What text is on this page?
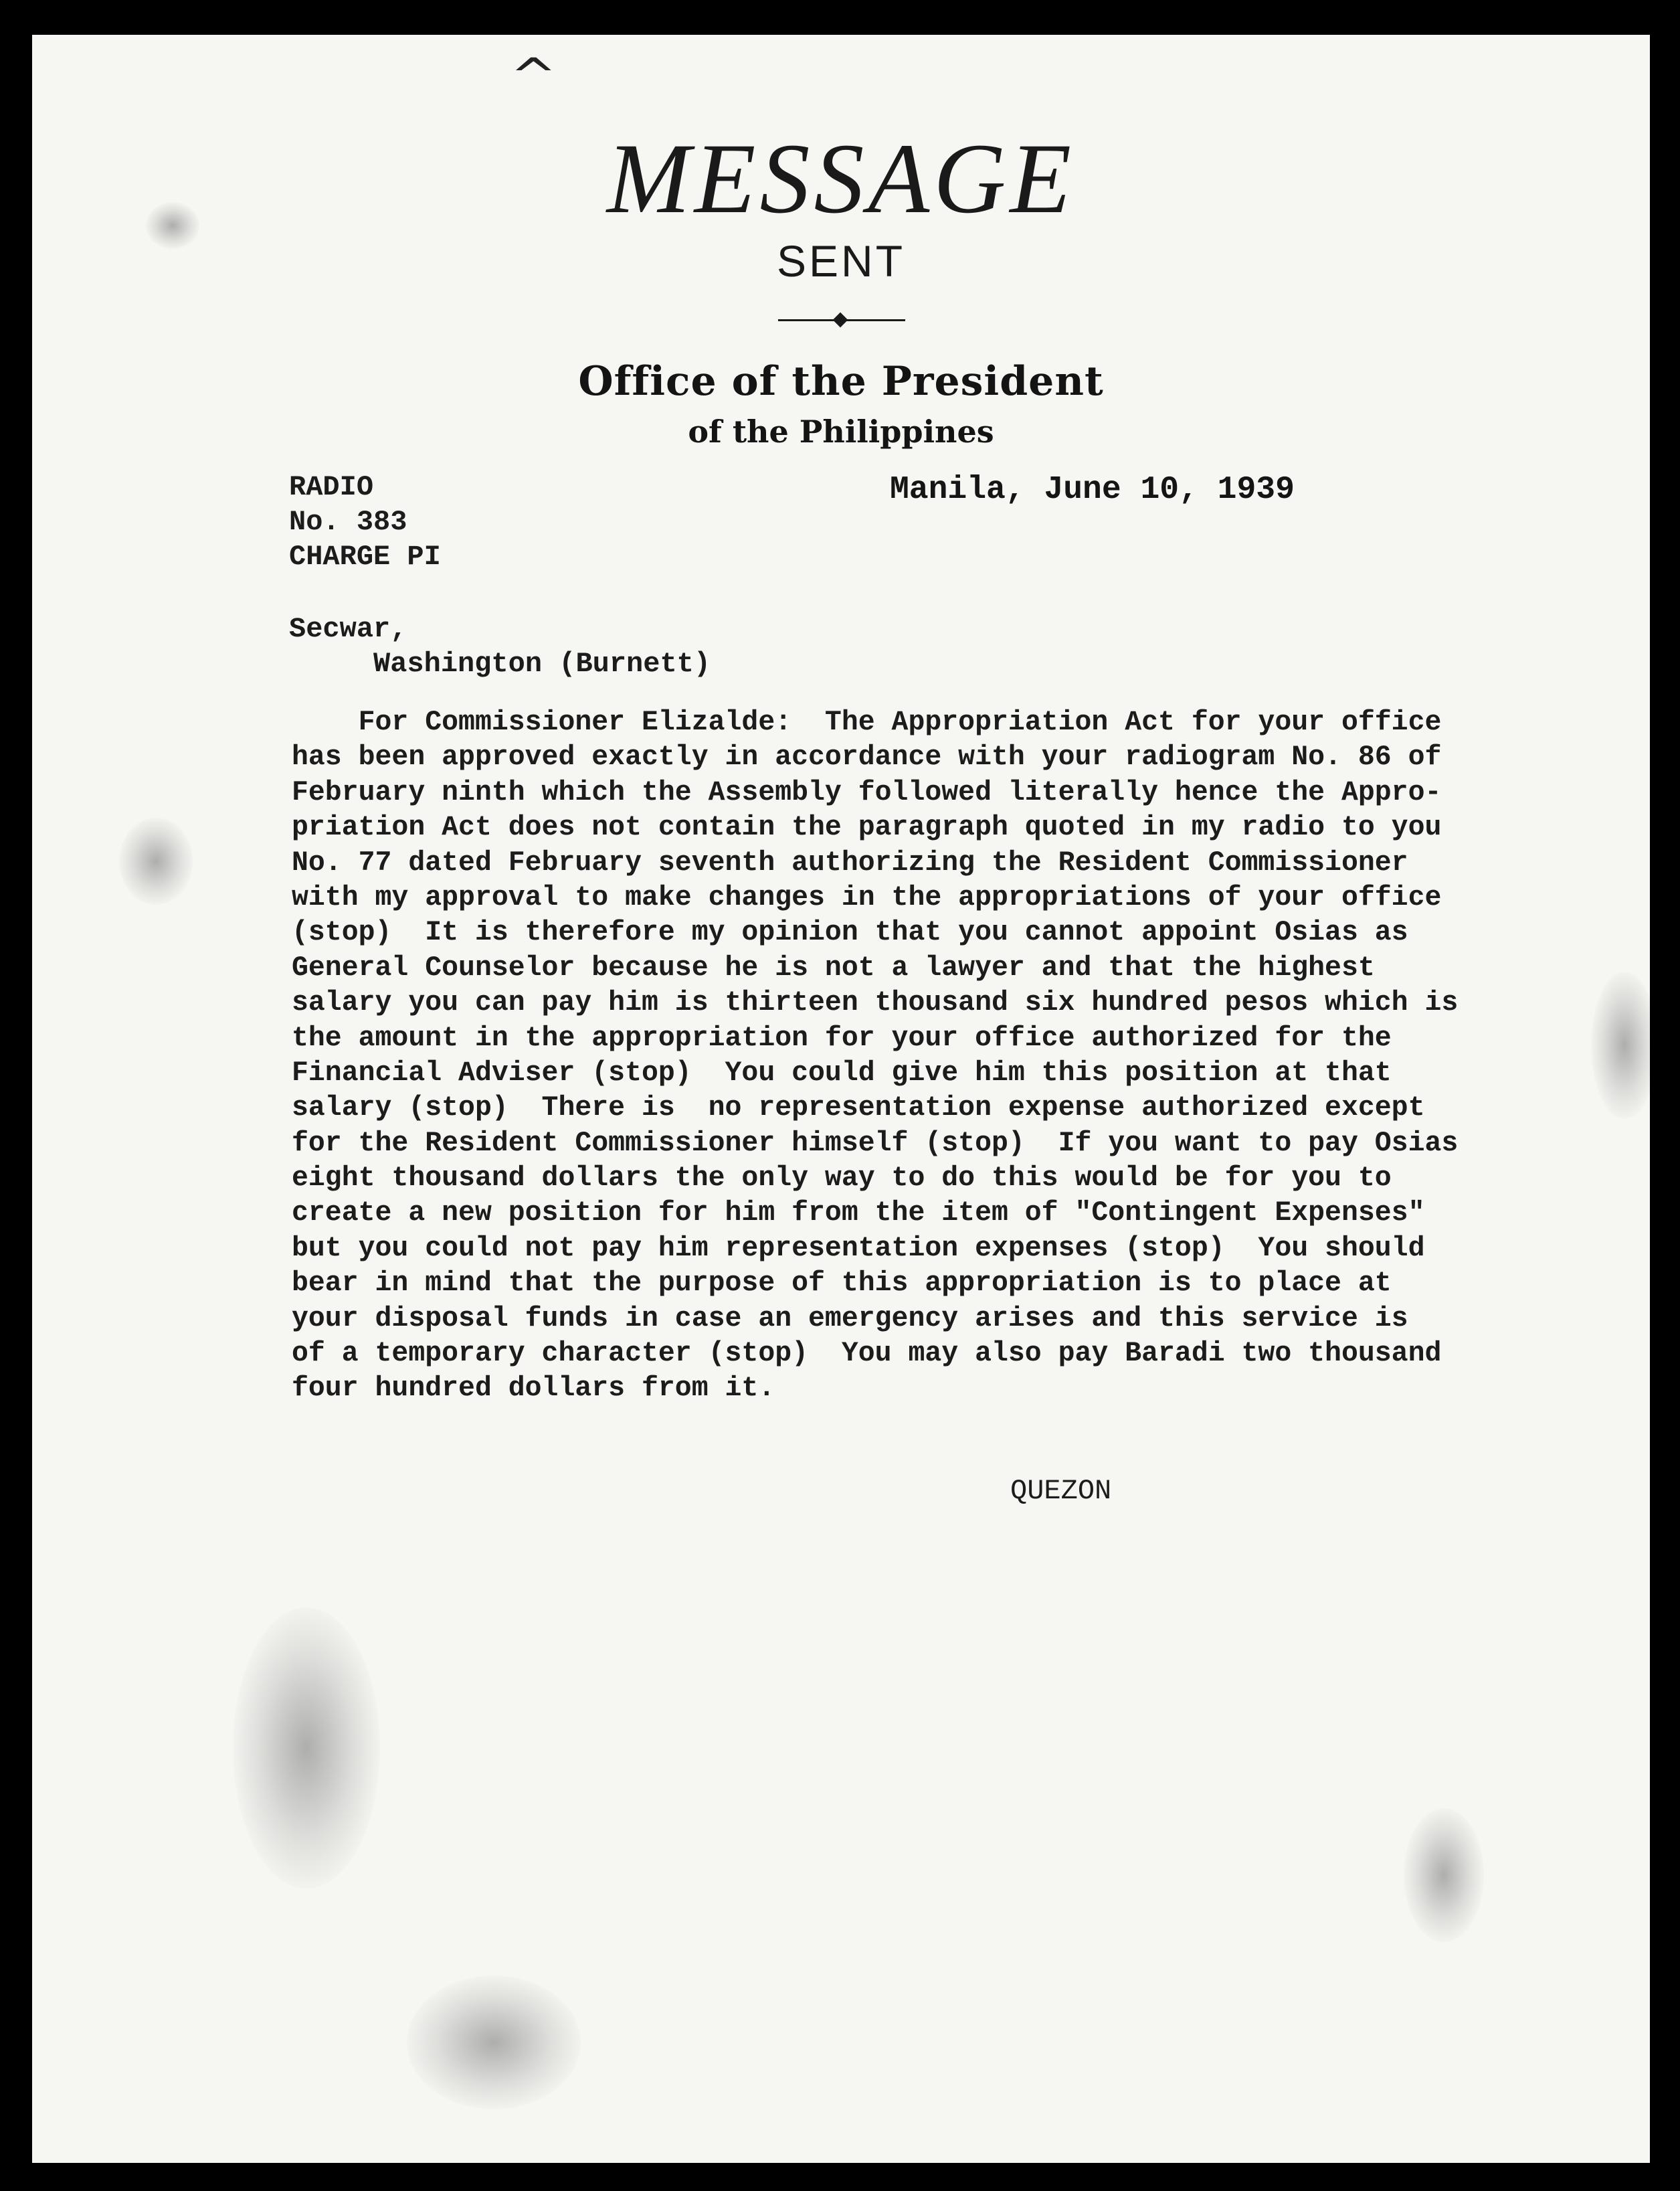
^
MESSAGE
SENT
Office of the President
of the Philippines
RADIO
No. 383
CHARGE PI
Manila, June 10, 1939
Secwar,
Washington (Burnett)
For Commissioner Elizalde:  The Appropriation Act for your office
has been approved exactly in accordance with your radiogram No. 86 of
February ninth which the Assembly followed literally hence the Appro-
priation Act does not contain the paragraph quoted in my radio to you
No. 77 dated February seventh authorizing the Resident Commissioner
with my approval to make changes in the appropriations of your office
(stop)  It is therefore my opinion that you cannot appoint Osias as
General Counselor because he is not a lawyer and that the highest
salary you can pay him is thirteen thousand six hundred pesos which is
the amount in the appropriation for your office authorized for the
Financial Adviser (stop)  You could give him this position at that
salary (stop)  There is  no representation expense authorized except
for the Resident Commissioner himself (stop)  If you want to pay Osias
eight thousand dollars the only way to do this would be for you to
create a new position for him from the item of "Contingent Expenses"
but you could not pay him representation expenses (stop)  You should
bear in mind that the purpose of this appropriation is to place at
your disposal funds in case an emergency arises and this service is
of a temporary character (stop)  You may also pay Baradi two thousand
four hundred dollars from it.
QUEZON
